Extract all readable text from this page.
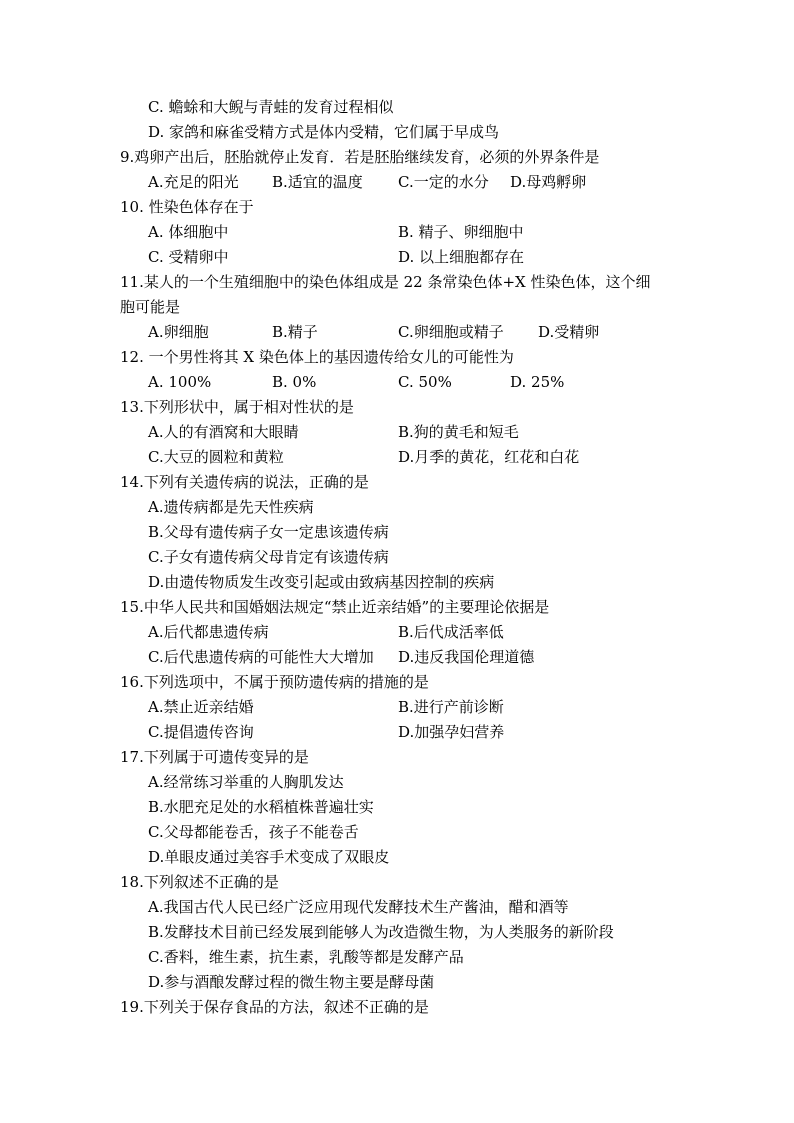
C. 蟾蜍和大鲵与青蛙的发育过程相似
D. 家鸽和麻雀受精方式是体内受精，它们属于早成鸟
9.鸡卵产出后，胚胎就停止发育．若是胚胎继续发育，必须的外界条件是
A.充足的阳光 B.适宜的温度 C.一定的水分 D.母鸡孵卵
10. 性染色体存在于
A. 体细胞中	B. 精子、卵细胞中
C. 受精卵中	D. 以上细胞都存在
11.某人的一个生殖细胞中的染色体组成是 22 条常染色体+X 性染色体，这个细
胞可能是
A.卵细胞	B.精子	C.卵细胞或精子 D.受精卵
12. 一个男性将其 X 染色体上的基因遗传给女儿的可能性为
A. 100%	B. 0%	C. 50%	D. 25%
13.下列形状中，属于相对性状的是
A.人的有酒窝和大眼睛	B.狗的黄毛和短毛
C.大豆的圆粒和黄粒	D.月季的黄花，红花和白花
14.下列有关遗传病的说法，正确的是
A.遗传病都是先天性疾病
B.父母有遗传病子女一定患该遗传病
C.子女有遗传病父母肯定有该遗传病
D.由遗传物质发生改变引起或由致病基因控制的疾病
15.中华人民共和国婚姻法规定“禁止近亲结婚”的主要理论依据是
A.后代都患遗传病	B.后代成活率低
C.后代患遗传病的可能性大大增加 D.违反我国伦理道德
16.下列选项中，不属于预防遗传病的措施的是
A.禁止近亲结婚	B.进行产前诊断
C.提倡遗传咨询	D.加强孕妇营养
17.下列属于可遗传变异的是
A.经常练习举重的人胸肌发达
B.水肥充足处的水稻植株普遍壮实
C.父母都能卷舌，孩子不能卷舌
D.单眼皮通过美容手术变成了双眼皮
18.下列叙述不正确的是
A.我国古代人民已经广泛应用现代发酵技术生产酱油，醋和酒等
B.发酵技术目前已经发展到能够人为改造微生物，为人类服务的新阶段
C.香料，维生素，抗生素，乳酸等都是发酵产品
D.参与酒酿发酵过程的微生物主要是酵母菌
19.下列关于保存食品的方法，叙述不正确的是
